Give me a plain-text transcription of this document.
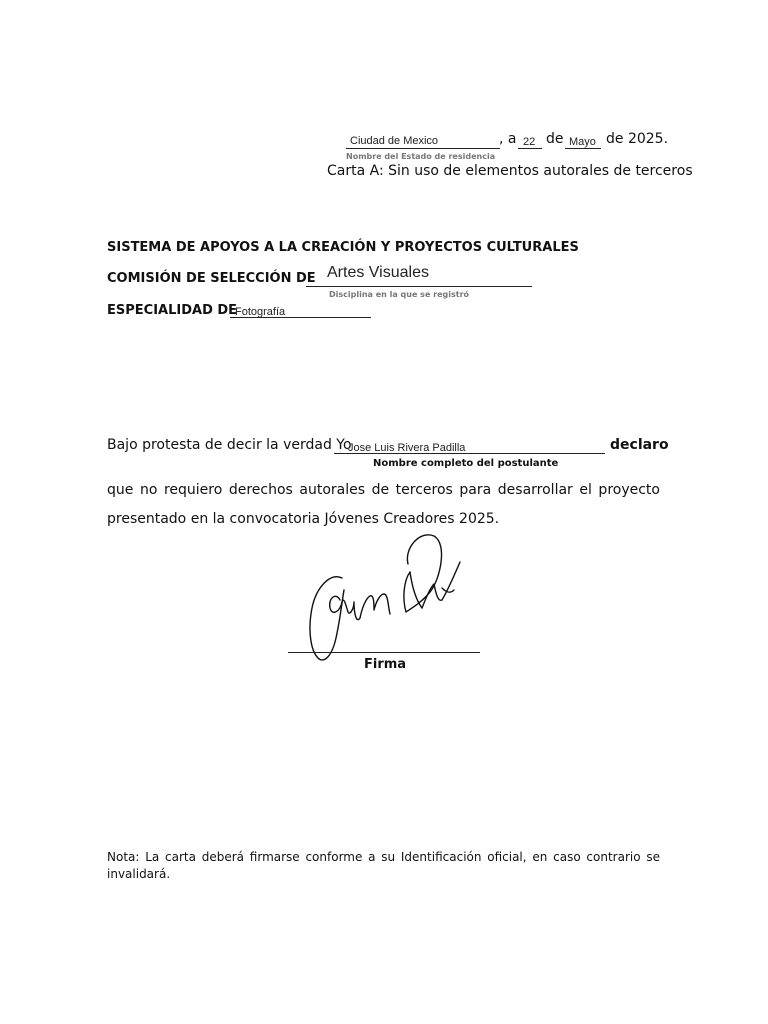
Ciudad de Mexico	, a 22 de Mayo de 2025.
Nombre del Estado de residencia
Carta A: Sin uso de elementos autorales de terceros
SISTEMA DE APOYOS A LA CREACIÓN Y PROYECTOS CULTURALES
COMISIÓN DE SELECCIÓN DE Artes Visuales
Disciplina en la que se registró
ESPECIALIDAD DE
Fotografía
Bajo protesta de decir la verdad Yo
Jose Luis Rivera Padilla	declaro
Nombre completo del postulante
que no requiero derechos autorales de terceros para desarrollar el proyecto
presentado en la convocatoria Jóvenes Creadores 2025.
Firma
Nota: La carta deberá firmarse conforme a su Identificación oficial, en caso contrario se
invalidará.
